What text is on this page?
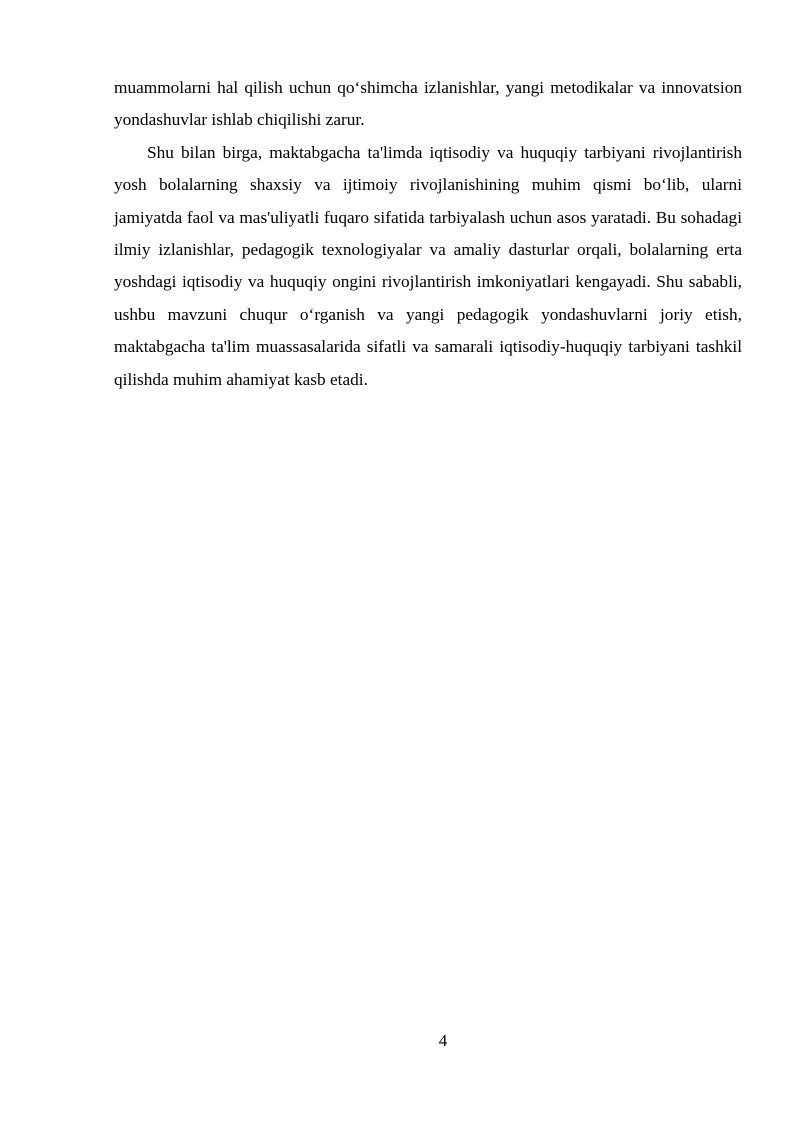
muammolarni hal qilish uchun qo‘shimcha izlanishlar, yangi metodikalar va innovatsion yondashuvlar ishlab chiqilishi zarur.

Shu bilan birga, maktabgacha ta'limda iqtisodiy va huquqiy tarbiyani rivojlantirish yosh bolalarning shaxsiy va ijtimoiy rivojlanishining muhim qismi bo‘lib, ularni jamiyatda faol va mas'uliyatli fuqaro sifatida tarbiyalash uchun asos yaratadi. Bu sohadagi ilmiy izlanishlar, pedagogik texnologiyalar va amaliy dasturlar orqali, bolalarning erta yoshdagi iqtisodiy va huquqiy ongini rivojlantirish imkoniyatlari kengayadi. Shu sababli, ushbu mavzuni chuqur o‘rganish va yangi pedagogik yondashuvlarni joriy etish, maktabgacha ta'lim muassasalarida sifatli va samarali iqtisodiy-huquqiy tarbiyani tashkil qilishda muhim ahamiyat kasb etadi.

4
